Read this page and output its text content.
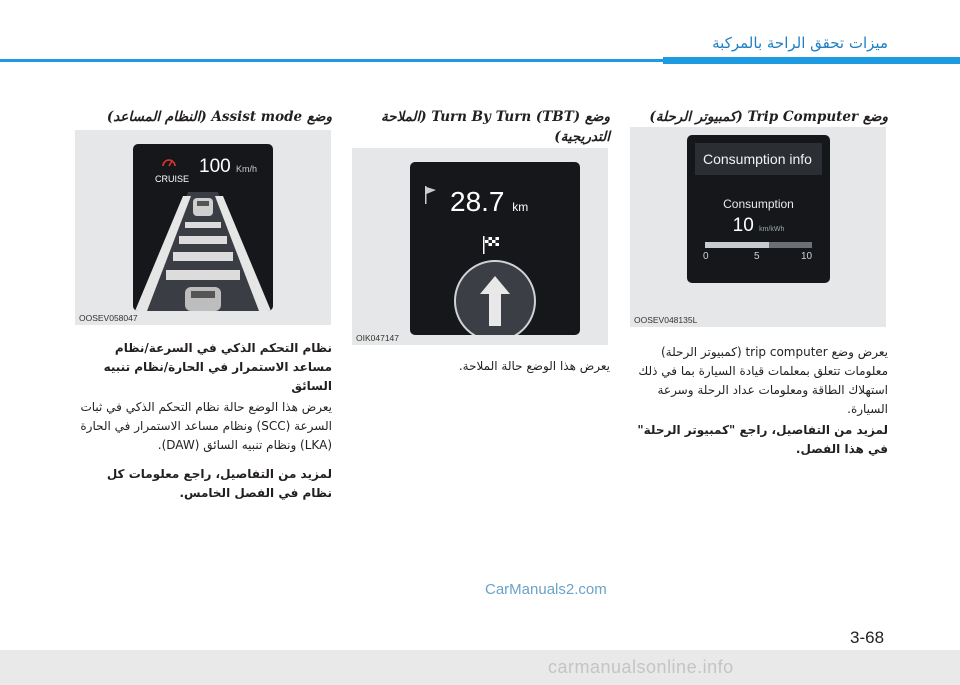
ميزات تحقق الراحة بالمركبة
وضع Trip Computer (كمبيوتر الرحلة)
Consumption info
Consumption
10 km/kWh
0	5	10
OOSEV048135L
يعرض وضع trip computer (كمبيوتر الرحلة) معلومات تتعلق بمعلمات قيادة السيارة بما في ذلك استهلاك الطاقة ومعلومات عداد الرحلة وسرعة السيارة.
لمزيد من التفاصيل، راجع "كمبيوتر الرحلة" في هذا الفصل.
وضع Turn By Turn (TBT) (الملاحة التدريجية)
28.7 km
OIK047147
يعرض هذا الوضع حالة الملاحة.
وضع Assist mode (النظام المساعد)
CRUISE
100 Km/h
OOSEV058047
نظام التحكم الذكي في السرعة/نظام مساعد الاستمرار في الحارة/نظام تنبيه السائق
يعرض هذا الوضع حالة نظام التحكم الذكي في ثبات السرعة (SCC) ونظام مساعد الاستمرار في الحارة (LKA) ونظام تنبيه السائق (DAW).
لمزيد من التفاصيل، راجع معلومات كل نظام في الفصل الخامس.
CarManuals2.com
3-68
carmanualsonline.info
